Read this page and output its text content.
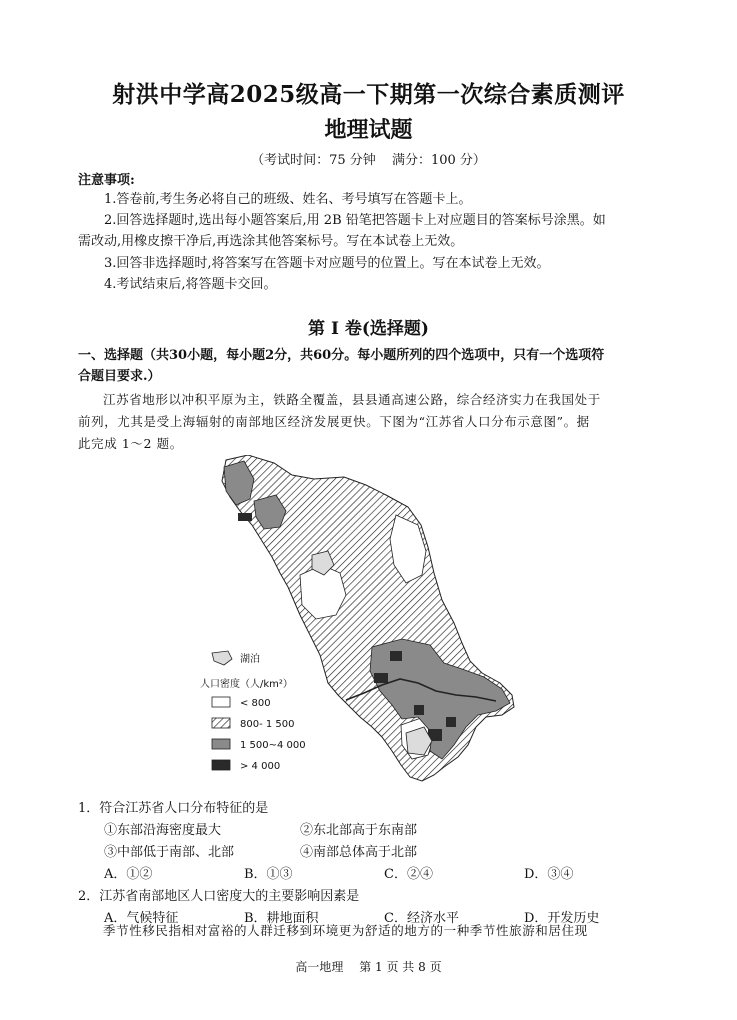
射洪中学高2025级高一下期第一次综合素质测评
地理试题
（考试时间：75 分钟 满分：100 分）
注意事项:
1.答卷前,考生务必将自己的班级、姓名、考号填写在答题卡上。
2.回答选择题时,选出每小题答案后,用 2B 铅笔把答题卡上对应题目的答案标号涂黑。如
需改动,用橡皮擦干净后,再选涂其他答案标号。写在本试卷上无效。
3.回答非选择题时,将答案写在答题卡对应题号的位置上。写在本试卷上无效。
4.考试结束后,将答题卡交回。
第 I 卷(选择题)
一、选择题（共30小题，每小题2分，共60分。每小题所列的四个选项中，只有一个选项符
合题目要求.）
江苏省地形以冲积平原为主，铁路全覆盖，县县通高速公路，综合经济实力在我国处于
前列，尤其是受上海辐射的南部地区经济发展更快。下图为“江苏省人口分布示意图”。据
此完成 1～2 题。
湖泊
人口密度（人/km²）
< 800
800- 1 500
1 500~4 000
> 4 000
1．符合江苏省人口分布特征的是
①东部沿海密度最大	②东北部高于东南部
③中部低于南部、北部	④南部总体高于北部
A．①②	B．①③	C．②④	D．③④
2．江苏省南部地区人口密度大的主要影响因素是
A．气候特征	B．耕地面积	C．经济水平	D．开发历史
季节性移民指相对富裕的人群迁移到环境更为舒适的地方的一种季节性旅游和居住现
高一地理　 第 1 页 共 8 页
